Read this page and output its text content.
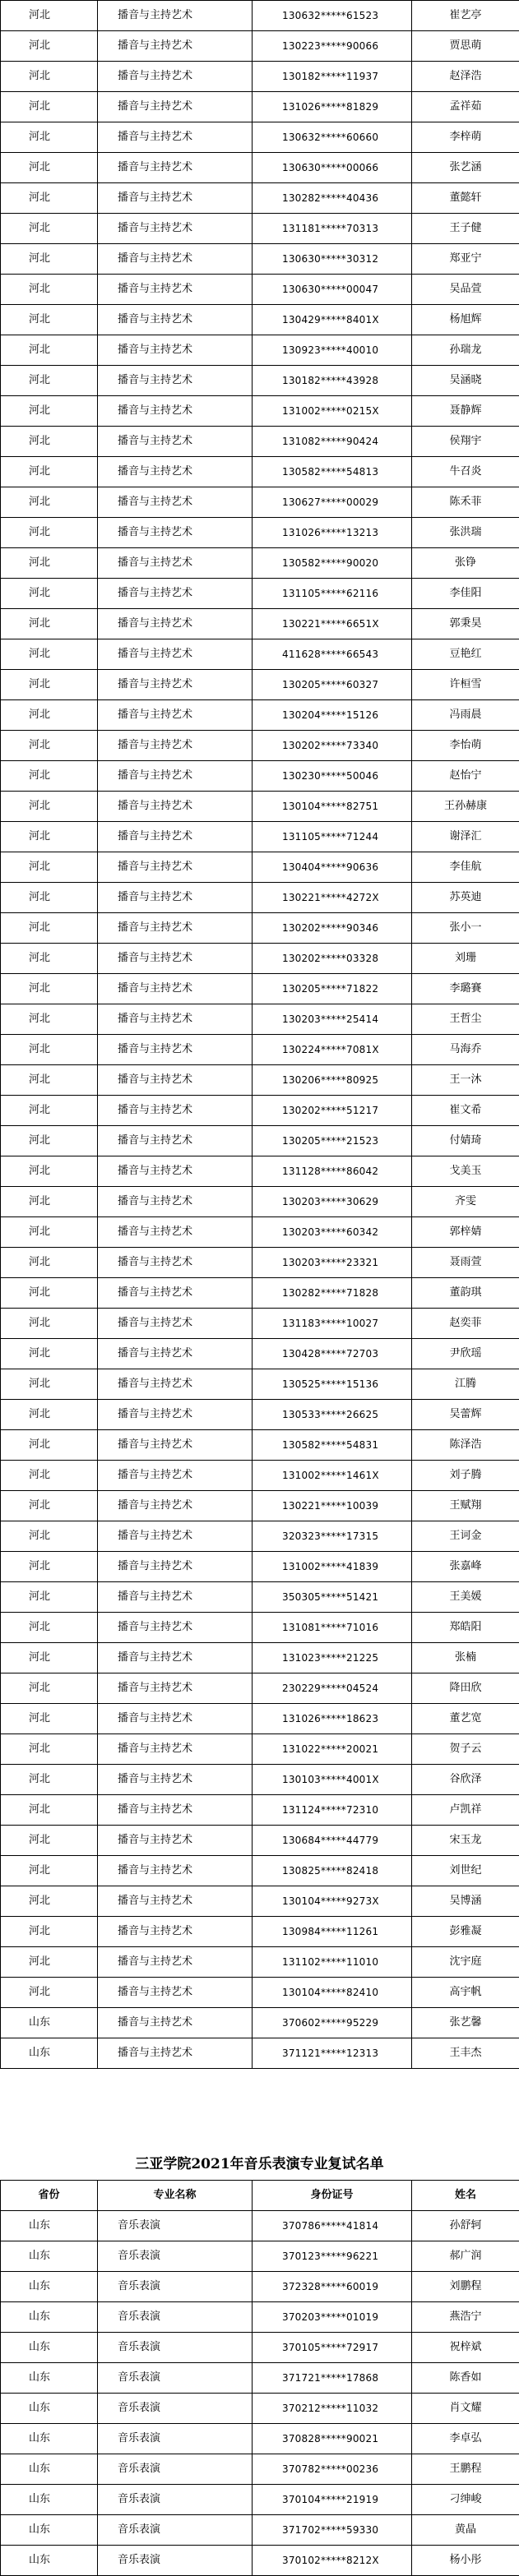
河北	播音与主持艺术	130632*****61523	崔艺亭
河北	播音与主持艺术	130223*****90066	贾思萌
河北	播音与主持艺术	130182*****11937	赵泽浩
河北	播音与主持艺术	131026*****81829	孟祥茹
河北	播音与主持艺术	130632*****60660	李梓萌
河北	播音与主持艺术	130630*****00066	张艺涵
河北	播音与主持艺术	130282*****40436	董懿轩
河北	播音与主持艺术	131181*****70313	王子健
河北	播音与主持艺术	130630*****30312	郑亚宁
河北	播音与主持艺术	130630*****00047	吴品萱
河北	播音与主持艺术	130429*****8401X	杨旭辉
河北	播音与主持艺术	130923*****40010	孙瑞龙
河北	播音与主持艺术	130182*****43928	吴涵晓
河北	播音与主持艺术	131002*****0215X	聂静辉
河北	播音与主持艺术	131082*****90424	侯翔宇
河北	播音与主持艺术	130582*****54813	牛召炎
河北	播音与主持艺术	130627*****00029	陈禾菲
河北	播音与主持艺术	131026*****13213	张洪瑞
河北	播音与主持艺术	130582*****90020	张铮
河北	播音与主持艺术	131105*****62116	李佳阳
河北	播音与主持艺术	130221*****6651X	郭秉昊
河北	播音与主持艺术	411628*****66543	豆艳红
河北	播音与主持艺术	130205*****60327	许桓雪
河北	播音与主持艺术	130204*****15126	冯雨晨
河北	播音与主持艺术	130202*****73340	李怡萌
河北	播音与主持艺术	130230*****50046	赵怡宁
河北	播音与主持艺术	130104*****82751	王孙赫康
河北	播音与主持艺术	131105*****71244	谢泽汇
河北	播音与主持艺术	130404*****90636	李佳航
河北	播音与主持艺术	130221*****4272X	苏英迪
河北	播音与主持艺术	130202*****90346	张小一
河北	播音与主持艺术	130202*****03328	刘珊
河北	播音与主持艺术	130205*****71822	李璐賽
河北	播音与主持艺术	130203*****25414	王哲尘
河北	播音与主持艺术	130224*****7081X	马海乔
河北	播音与主持艺术	130206*****80925	王一沐
河北	播音与主持艺术	130202*****51217	崔文希
河北	播音与主持艺术	130205*****21523	付婧琦
河北	播音与主持艺术	131128*****86042	戈美玉
河北	播音与主持艺术	130203*****30629	齐雯
河北	播音与主持艺术	130203*****60342	郭梓婧
河北	播音与主持艺术	130203*****23321	聂雨萱
河北	播音与主持艺术	130282*****71828	董韵琪
河北	播音与主持艺术	131183*****10027	赵奕菲
河北	播音与主持艺术	130428*****72703	尹欣瑶
河北	播音与主持艺术	130525*****15136	江腾
河北	播音与主持艺术	130533*****26625	吴蕾辉
河北	播音与主持艺术	130582*****54831	陈泽浩
河北	播音与主持艺术	131002*****1461X	刘子腾
河北	播音与主持艺术	130221*****10039	王赋翔
河北	播音与主持艺术	320323*****17315	王诃金
河北	播音与主持艺术	131002*****41839	张嘉峰
河北	播音与主持艺术	350305*****51421	王美媛
河北	播音与主持艺术	131081*****71016	郑皓阳
河北	播音与主持艺术	131023*****21225	张楠
河北	播音与主持艺术	230229*****04524	降田欣
河北	播音与主持艺术	131026*****18623	董艺宽
河北	播音与主持艺术	131022*****20021	贺子云
河北	播音与主持艺术	130103*****4001X	谷欣泽
河北	播音与主持艺术	131124*****72310	卢凯祥
河北	播音与主持艺术	130684*****44779	宋玉龙
河北	播音与主持艺术	130825*****82418	刘世纪
河北	播音与主持艺术	130104*****9273X	吴博涵
河北	播音与主持艺术	130984*****11261	彭雅凝
河北	播音与主持艺术	131102*****11010	沈宇庭
河北	播音与主持艺术	130104*****82410	高宇帆
山东	播音与主持艺术	370602*****95229	张艺馨
山东	播音与主持艺术	371121*****12313	王丰杰
三亚学院2021年音乐表演专业复试名单
省份	专业名称	身份证号	姓名
山东	音乐表演	370786*****41814	孙舒轲
山东	音乐表演	370123*****96221	郝广润
山东	音乐表演	372328*****60019	刘鹏程
山东	音乐表演	370203*****01019	燕浩宁
山东	音乐表演	370105*****72917	祝梓斌
山东	音乐表演	371721*****17868	陈香如
山东	音乐表演	370212*****11032	肖文耀
山东	音乐表演	370828*****90021	李卓弘
山东	音乐表演	370782*****00236	王鹏程
山东	音乐表演	370104*****21919	刁绅峻
山东	音乐表演	371702*****59330	黄晶
山东	音乐表演	370102*****8212X	杨小彤
